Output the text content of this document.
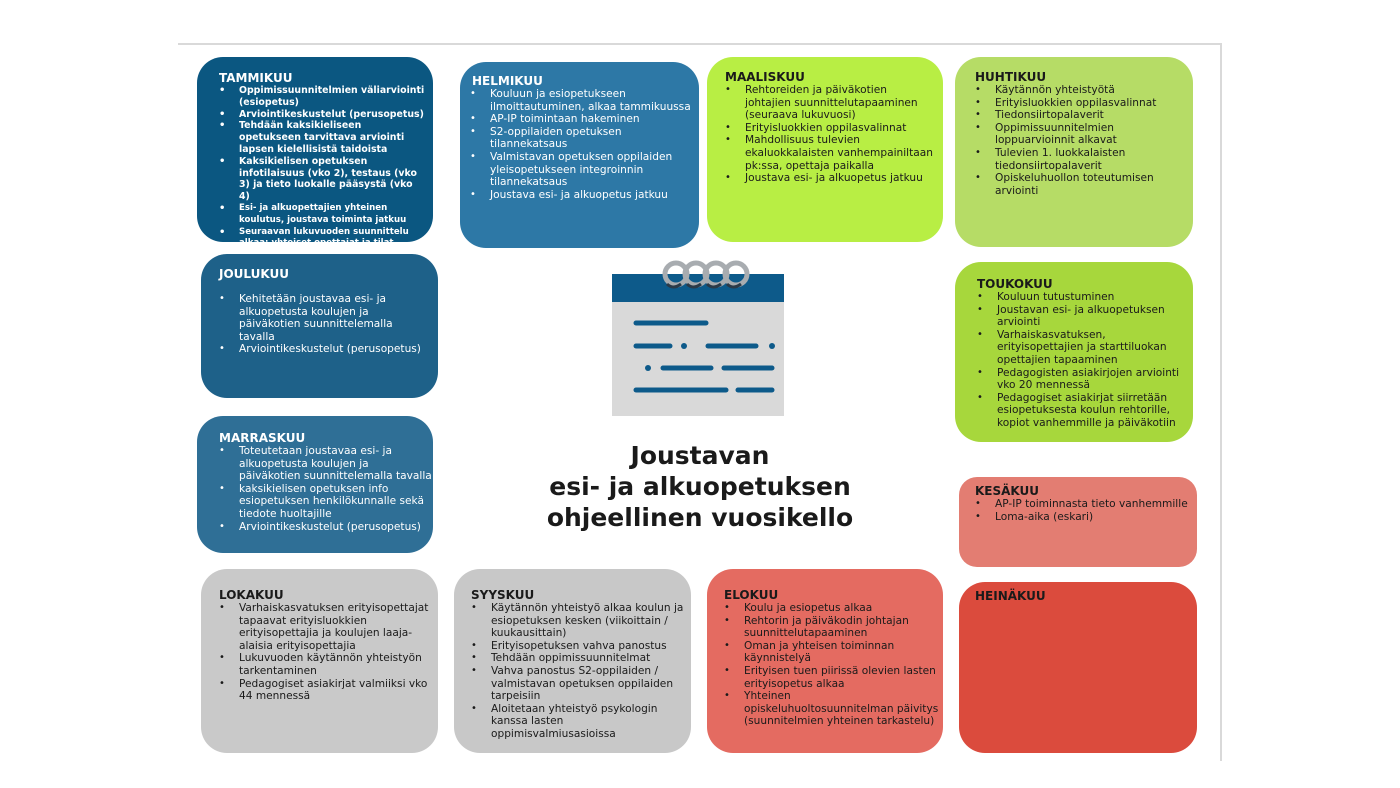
TAMMIKUU
• Oppimissuunnitelmien väliarviointi (esiopetus)
• Arviointikeskustelut (perusopetus)
• Tehdään kaksikieliseen opetukseen tarvittava arviointi lapsen kielellisistä taidoista
• Kaksikielisen opetuksen infotilaisuus (vko 2), testaus (vko 3) ja tieto luokalle pääsystä (vko 4)
• Esi- ja alkuopettajien yhteinen koulutus, joustava toiminta jatkuu
• Seuraavan lukuvuoden suunnittelu alkaa; yhteiset opettajat ja tilat
HELMIKUU
• Kouluun ja esiopetukseen ilmoittautuminen, alkaa tammikuussa
• AP-IP toimintaan hakeminen
• S2-oppilaiden opetuksen tilannekatsaus
• Valmistavan opetuksen oppilaiden yleisopetukseen integroinnin tilannekatsaus
• Joustava esi- ja alkuopetus jatkuu
MAALISKUU
• Rehtoreiden ja päiväkotien johtajien suunnittelutapaaminen (seuraava lukuvuosi)
• Erityisluokkien oppilasvalinnat
• Mahdollisuus tulevien ekaluokkalaisten vanhempainiltaan pk:ssa, opettaja paikalla
• Joustava esi- ja alkuopetus jatkuu
HUHTIKUU
• Käytännön yhteistyötä
• Erityisluokkien oppilasvalinnat
• Tiedonsiirtopalaverit
• Oppimissuunnitelmien loppuarvioinnit alkavat
• Tulevien 1. luokkalaisten tiedonsiirtopalaverit
• Opiskeluhuollon toteutumisen arviointi
JOULUKUU
• Kehitetään joustavaa esi- ja alkuopetusta koulujen ja päiväkotien suunnittelemalla tavalla
• Arviointikeskustelut (perusopetus)
MARRASKUU
• Toteutetaan joustavaa esi- ja alkuopetusta koulujen ja päiväkotien suunnittelemalla tavalla
• kaksikielisen opetuksen info esiopetuksen henkilökunnalle sekä tiedote huoltajille
• Arviointikeskustelut (perusopetus)
TOUKOKUU
• Kouluun tutustuminen
• Joustavan esi- ja alkuopetuksen arviointi
• Varhaiskasvatuksen, erityisopettajien ja starttiluokan opettajien tapaaminen
• Pedagogisten asiakirjojen arviointi vko 20 mennessä
• Pedagogiset asiakirjat siirretään esiopetuksesta koulun rehtorille, kopiot vanhemmille ja päiväkotiin
KESÄKUU
• AP-IP toiminnasta tieto vanhemmille
• Loma-aika (eskari)
LOKAKUU
• Varhaiskasvatuksen erityisopettajat tapaavat erityisluokkien erityisopettajia ja koulujen laaja-alaisia erityisopettajia
• Lukuvuoden käytännön yhteistyön tarkentaminen
• Pedagogiset asiakirjat valmiiksi vko 44 mennessä
SYYSKUU
• Käytännön yhteistyö alkaa koulun ja esiopetuksen kesken (viikoittain / kuukausittain)
• Erityisopetuksen vahva panostus
• Tehdään oppimissuunnitelmat
• Vahva panostus S2-oppilaiden / valmistavan opetuksen oppilaiden tarpeisiin
• Aloitetaan yhteistyö psykologin kanssa lasten oppimisvalmiusasioissa
ELOKUU
• Koulu ja esiopetus alkaa
• Rehtorin ja päiväkodin johtajan suunnittelutapaaminen
• Oman ja yhteisen toiminnan käynnistelyä
• Erityisen tuen piirissä olevien lasten erityisopetus alkaa
• Yhteinen opiskeluhuoltosuunnitelman päivitys (suunnitelmien yhteinen tarkastelu)
HEINÄKUU
Joustavan
esi- ja alkuopetuksen
ohjeellinen vuosikello
